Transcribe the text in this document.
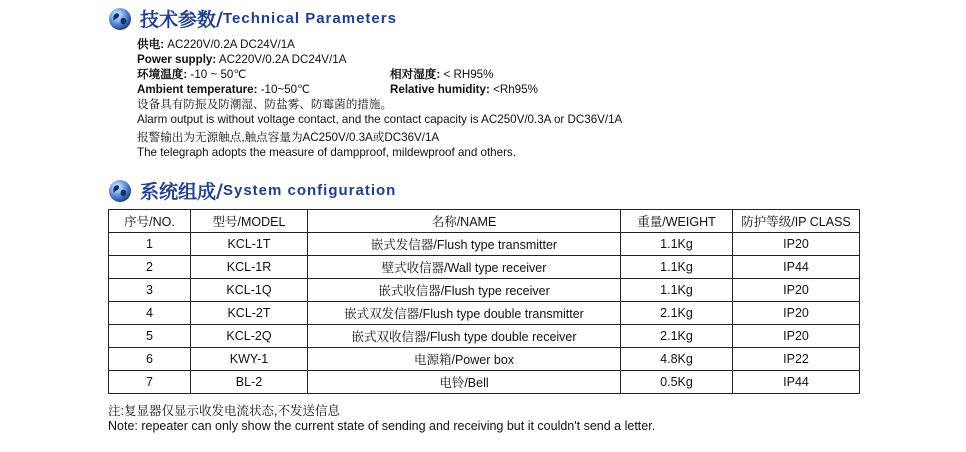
技术参数 / Technical Parameters
供电: AC220V/0.2A DC24V/1A
Power supply: AC220V/0.2A DC24V/1A
环境温度: -10 ~ 50℃	相对湿度: < RH95%
Ambient temperature: -10~50℃	Relative humidity: <Rh95%
设备具有防振及防潮湿、防盐雾、防霉菌的措施。
Alarm output is without voltage contact, and the contact capacity is AC250V/0.3A or DC36V/1A
报警输出为无源触点,触点容量为AC250V/0.3A或DC36V/1A
The telegraph adopts the measure of dampproof, mildewproof and others.
系统组成 / System configuration
序号/NO.	型号/MODEL	名称/NAME	重量/WEIGHT	防护等级/IP CLASS
1	KCL-1T	嵌式发信器/Flush type transmitter	1.1Kg	IP20
2	KCL-1R	壁式收信器/Wall type receiver	1.1Kg	IP44
3	KCL-1Q	嵌式收信器/Flush type receiver	1.1Kg	IP20
4	KCL-2T	嵌式双发信器/Flush type double transmitter	2.1Kg	IP20
5	KCL-2Q	嵌式双收信器/Flush type double receiver	2.1Kg	IP20
6	KWY-1	电源箱/Power box	4.8Kg	IP22
7	BL-2	电铃/Bell	0.5Kg	IP44
注:复显器仅显示收发电流状态,不发送信息
Note: repeater can only show the current state of sending and receiving but it couldn't send a letter.
